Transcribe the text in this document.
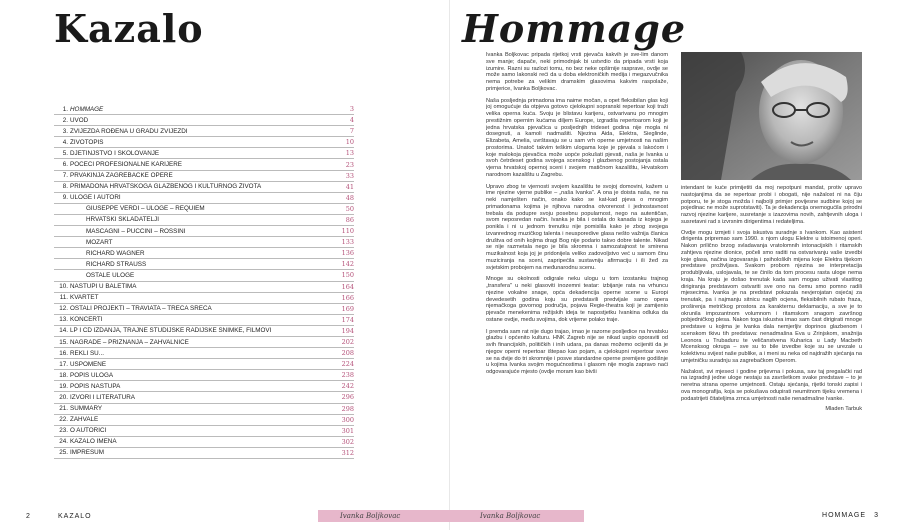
Kazalo	Hommage
1. HOMMAGE	3
2. UVOD	4
3. ZVIJEZDA ROĐENA U GRADU ZVIJEZDI	7
4. ŽIVOTOPIS	10
5. DJETINJSTVO I ŠKOLOVANJE	13
6. POČECI PROFESIONALNE KARIJERE	23
7. PRVAKINJA ZAGREBAČKE OPERE	33
8. PRIMADONA HRVATSKOGA GLAZBENOG I KULTURNOG ŽIVOTA	41
9. ULOGE I AUTORI	48
GIUSEPPE VERDI – ULOGE – REQUIEM	50
HRVATSKI SKLADATELJI	86
MASCAGNI – PUCCINI – ROSSINI	110
MOZART	133
RICHARD WAGNER	136
RICHARD STRAUSS	142
OSTALE ULOGE	150
10. NASTUPI U BALETIMA	164
11. KVARTET	166
12. OSTALI PROJEKTI – TRAVIATA – TREĆA SREĆA	169
13. KONCERTI	174
14. LP I CD IZDANJA, TRAJNE STUDIJSKE RADIJSKE SNIMKE, FILMOVI	194
15. NAGRADE – PRIZNANJA – ZAHVALNICE	202
16. REKLI SU...	208
17. USPOMENE	224
18. POPIS ULOGA	238
19. POPIS NASTUPA	242
20. IZVORI I LITERATURA	296
21. SUMMARY	298
22. ZAHVALE	300
23. O AUTORICI	301
24. KAZALO IMENA	302
25. IMPRESUM	312

Ivanka Boljkovac pripada rijetkoj vrsti pjevača kakvih je sve-lim danom sve manje; dapače, neki primodnjak bi ustvrdio da pripada vrsti koja izumire. Razni su razlozi tomu, no bez neke opširnije rasprave, ovdje se može samo lakonski reći da u doba elektroničkih medija i megazvučnika nema potrebe za velikim dramskim glasovima kakvim raspolaže, primjerice, Ivanka Boljkovac.

Naša posljednja primadona ima naime močan, a opet fleksibilan glas koji joj omogućuje da otpjeva gotovo cjelokupni sopranski repertoar koji traži velika operna kuća. Svoju je blistavu karijeru, ostvarivanu po mnogim prestižnim opernim kućama diljem Europe, izgradila repertoarom koji je jedna hrvatska pjevačica u posljednjih trideset godina nije mogla ni dosegnuti, a kamoli nadmašiti. Njezina Aida, Elektra, Sieglinde, Elizabeta, Amelia, uvrštavaju se u sam vrh opernе umjetnosti na našim prostorima. Unatoč takvim teškim ulogama koje je pjevala s lakoćom i koje malokoja pjevačica može uopće pokušati pjevati, naša je Ivanka u svoh četrdeset godina svojega scenskog i glazbenog postojanja ostala vjerna hrvatskoj opernoj sceni i svojem matičnom kazalištu, Hrvatskom narodnom kazalištu u Zagrebu.

Upravo zbog te vjernosti svojem kazalištu te svojoj domovini, kažem u ime njezine vjerne publike – „naša Ivanka". A ona je doista naša, ne na neki namješten način, onako kako se kat-kad pjeva o mnogim primadonama kojima je njihova narodna otvorenost i jednostavnost trebala da poduprе svoju posebnu popularnost, nego na autentičan, svom neposredan način. Ivanka je bila i ostala do kanada iz kojega je ponikla i ni u jednom trenutku nije pomislila kako je zbog svojega izvanrednog muzičkog talenta i neusporedive glasa nešto važnija članica društva od onih kojima dragi Bog nije podario takvo dobre talente. Nikad se nije razmetala nego je bila skromna i samozatajnost te smirena muzikalnost koja joj je pridonijela veliko zadovoljstvo već u samom činu muziciranja na sceni, zapripećila sustavniju afirmaciju i ili žeđ za svjetskim probojem na međunarodnu scenu.

Mnoge su okolnosti odigrale neku ulogu u tom izostanku trajnog „transfera" u neki glasoviti inozemni teatar: izbijanje rata na vrhuncu njezine vokalne snage, opća dekadencija operne scene u Europi devedesetih godina koju su predstavili predvijale samo opera njemačkoga govornog područja, pojava Regie-theatra koji je zamijenio pjevače menekenima režijskih ideja te napostjetku Ivankina odluka da ostane ovdje, među svojima, dok vrijeme polako trajе.

I premda sam rat nije dugo trajao, imao je razorne posljedice na hrvatsku glazbu i općenito kulturu. HNK Zagreb nije se nikad uspio oporaviti od svih financijskih, političkih i inih udara, pa danas možemo ocijeniti da je njegov operni repertoar ištерао kao pojam, a cjelokupni repertoar svеo se na dvije do tri skromnije i posve standardne operne premijere godišnje u kojima Ivanka svojim mogućnostima i glasom nije mogla zapravo naći odgovarajuće mjesto (ovdje moram kao bivši

intendant te kuće primijetiti da mоj nepotpuni mandat, protiv upravo nastojanjima da se repertoar probi i obogati, nije nažalost ni na čiju potporu, te je stoga možda i najbolji primjer povijesne sudbine kojoj se pojedinac ne može suprotstaviti). Ta je dekadencija onemogućila prirodni razvoj njezine karijere, susretanje s izazovima novih, zahtjevnih uloga i susretavni rad s izvrsnim dirigentima i redateljima.

Ovdje mogu izmjeti i svoja iskustva suradnje s Ivankom. Kao asistent dirigenta pripremao sam 1990. s njom ulogu Elektre u istoimenoj operi. Nakon prilično brzog svladavanja vratolomnih intonacijskih i ritamskih zahtjeva njezine dionice, počeli smo raditi na ostvarivanju vaše izvedbi koje glasa, načina izgovaranja i psiholoških mijena koje Elektra tijekom predstave proživljava. Svakom probom njezina se interpretacija produbljivala, uslojavala, te se činilo da tom procesu rasta uloge nema kraja. Na kraju je došao trenutak kada sam mogao uživati vlastitog dirigiranja predstavom ostvariti sve ono na čemu smo pomno radili mjesecima. Ivanka je na predstavi pokazala nevjerojatan osjećaj za trenutak, pa i najmanju sitnicu naglih ocjena, fleksibilnih rubato fraza, proširenja metričkog prostora za karakternu deklamaciju, a sve je to okrunila impozantnom volumnom i ritamskom snagom završnog pobjedničkog plesa. Nakon toga iskustva imao sam čast dirigirati mnoge predstave u kojima je Ivanka dala nemjerljiv doprinos glazbenom i scenskom tkivu tih predstava: nenadmašna Eva u Zrinjskom, snažnija Leonora u Trubaduru te veličanstvena Kuharica u Lady Macbeth Mcensksog okruga – sve su to bile izvedbe koje su se urezale u kolektivnu svijest naše publike, a i meni su neka od najdražih sjećanja na umjetničku suradnju sa zagrebačkom Operom.

Nažalost, svi mjesеci i godine prijevrna i pokusa, sav taj pregalački rad na izgradnji jedne uloge nestaju sa završetkom svake predstave – to je neretna strana operne umjetnosti. Ostaju sjećanja, rijetki tonski zapisi i ova monografija, koja se pokušava odupirati neumitnom tijeku vremena i podastrijeti čitateljima zrnca umjetnosti naše nenadmašne Ivanke.

Mladen Tarbuk
2	KAZALO	Ivanka Boljkovac	Ivanka Boljkovac	HOMMAGE 3
